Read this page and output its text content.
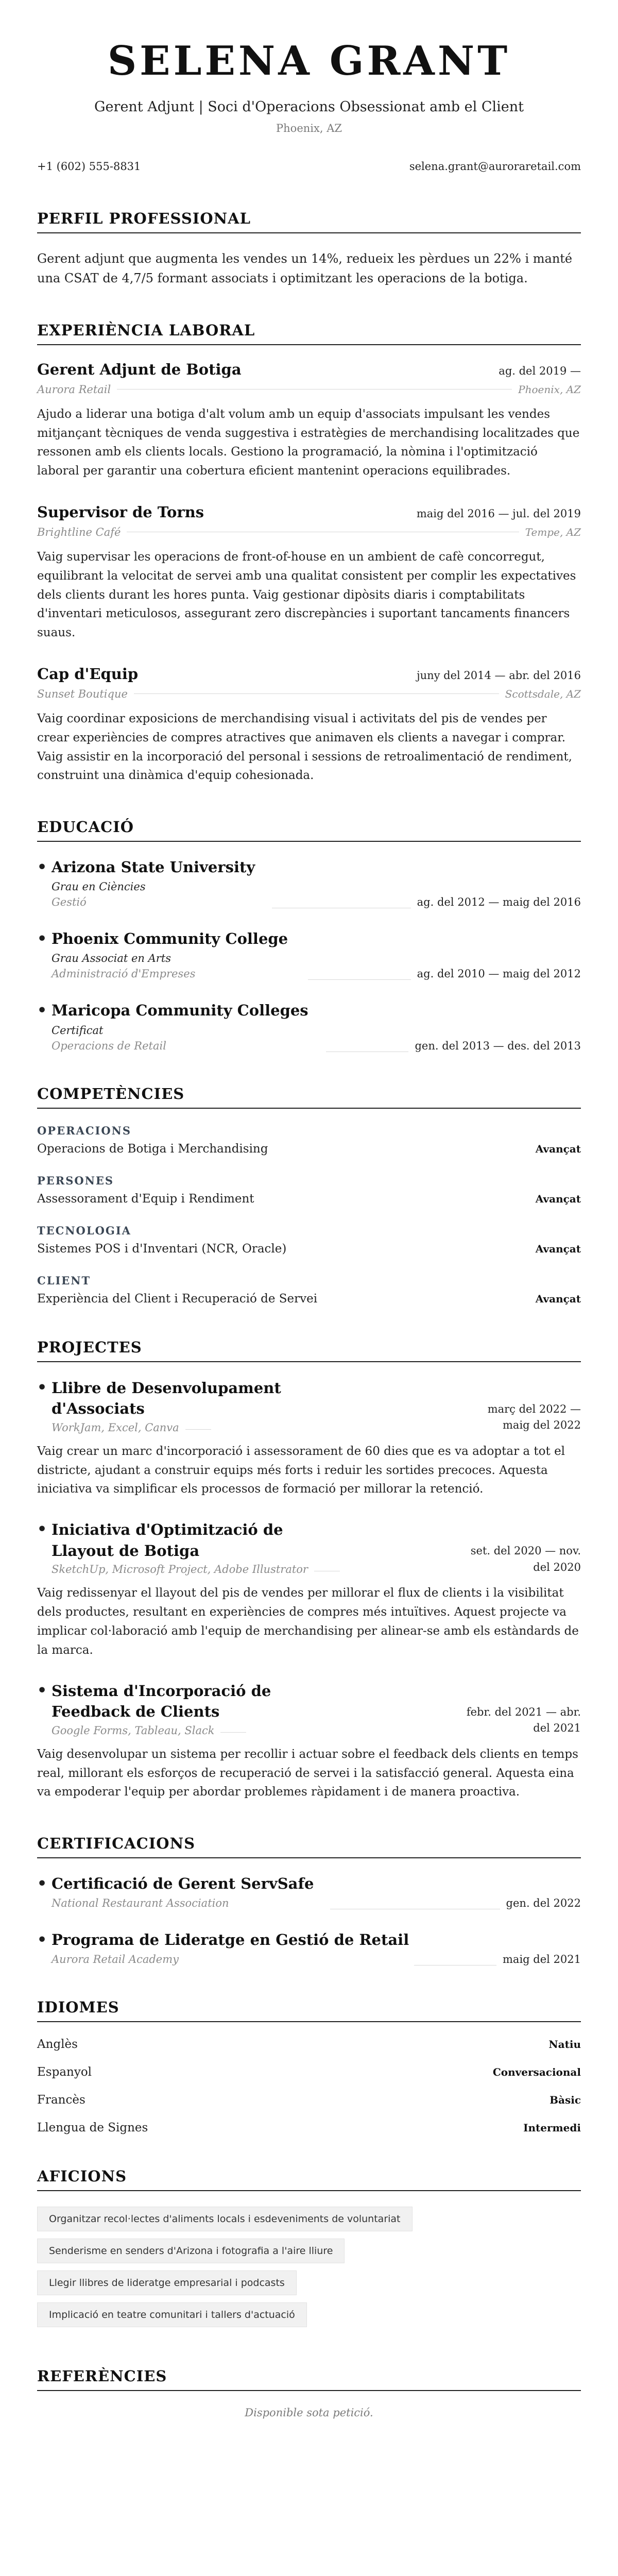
SELENA GRANT
Gerent Adjunt | Soci d'Operacions Obsessionat amb el Client
Phoenix, AZ
+1 (602) 555-8831	selena.grant@auroraretail.com
PERFIL PROFESSIONAL

Gerent adjunt que augmenta les vendes un 14%, redueix les pèrdues un 22% i manté una CSAT de 4,7/5 formant associats i optimitzant les operacions de la botiga.

EXPERIÈNCIA LABORAL
Gerent Adjunt de Botiga	ag. del 2019 —
Aurora Retail	Phoenix, AZ

Ajudo a liderar una botiga d'alt volum amb un equip d'associats impulsant les vendes mitjançant tècniques de venda suggestiva i estratègies de merchandising localitzades que ressonen amb els clients locals. Gestiono la programació, la nòmina i l'optimització laboral per garantir una cobertura eficient mantenint operacions equilibrades.

Supervisor de Torns	maig del 2016 — jul. del 2019
Brightline Café	Tempe, AZ

Vaig supervisar les operacions de front-of-house en un ambient de cafè concorregut, equilibrant la velocitat de servei amb una qualitat consistent per complir les expectatives dels clients durant les hores punta. Vaig gestionar dipòsits diaris i comptabilitats d'inventari meticulosos, assegurant zero discrepàncies i suportant tancaments financers suaus.

Cap d'Equip	juny del 2014 — abr. del 2016
Sunset Boutique	Scottsdale, AZ

Vaig coordinar exposicions de merchandising visual i activitats del pis de vendes per crear experiències de compres atractives que animaven els clients a navegar i comprar. Vaig assistir en la incorporació del personal i sessions de retroalimentació de rendiment, construint una dinàmica d'equip cohesionada.

EDUCACIÓ
• Arizona State University
Grau en Ciències
Gestió	ag. del 2012 — maig del 2016
• Phoenix Community College
Grau Associat en Arts
Administració d'Empreses	ag. del 2010 — maig del 2012
• Maricopa Community Colleges
Certificat
Operacions de Retail	gen. del 2013 — des. del 2013
COMPETÈNCIES
OPERACIONS
Operacions de Botiga i Merchandising	Avançat
PERSONES
Assessorament d'Equip i Rendiment	Avançat
TECNOLOGIA
Sistemes POS i d'Inventari (NCR, Oracle)	Avançat
CLIENT
Experiència del Client i Recuperació de Servei	Avançat
PROJECTES
• Llibre de Desenvolupament d'Associats
WorkJam, Excel, Canva
març del 2022 — maig del 2022

Vaig crear un marc d'incorporació i assessorament de 60 dies que es va adoptar a tot el districte, ajudant a construir equips més forts i reduir les sortides precoces. Aquesta iniciativa va simplificar els processos de formació per millorar la retenció.

• Iniciativa d'Optimització de Llayout de Botiga
SketchUp, Microsoft Project, Adobe Illustrator
set. del 2020 — nov. del 2020

Vaig redissenyar el llayout del pis de vendes per millorar el flux de clients i la visibilitat dels productes, resultant en experiències de compres més intuïtives. Aquest projecte va implicar col·laboració amb l'equip de merchandising per alinear-se amb els estàndards de la marca.

• Sistema d'Incorporació de Feedback de Clients
Google Forms, Tableau, Slack
febr. del 2021 — abr. del 2021

Vaig desenvolupar un sistema per recollir i actuar sobre el feedback dels clients en temps real, millorant els esforços de recuperació de servei i la satisfacció general. Aquesta eina va empoderar l'equip per abordar problemes ràpidament i de manera proactiva.

CERTIFICACIONS
• Certificació de Gerent ServSafe
National Restaurant Association	gen. del 2022
• Programa de Lideratge en Gestió de Retail
Aurora Retail Academy	maig del 2021
IDIOMES
Anglès	Natiu
Espanyol	Conversacional
Francès	Bàsic
Llengua de Signes	Intermedi
AFICIONS
Organitzar recol·lectes d'aliments locals i esdeveniments de voluntariat
Senderisme en senders d'Arizona i fotografia a l'aire lliure
Llegir llibres de lideratge empresarial i podcasts
Implicació en teatre comunitari i tallers d'actuació
REFERÈNCIES

Disponible sota petició.
